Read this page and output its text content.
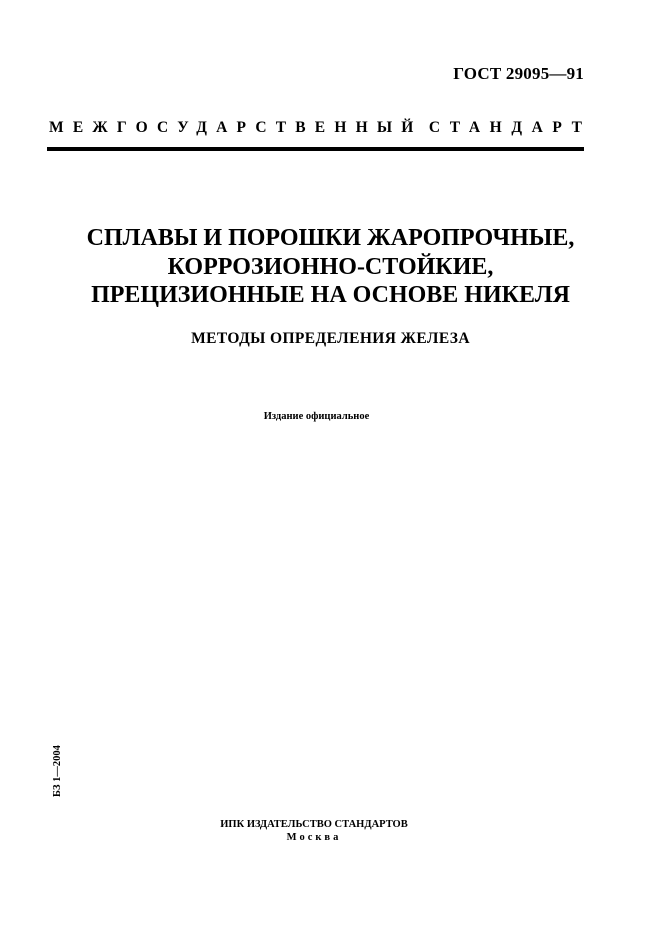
ГОСТ 29095—91
МЕЖГОСУДАРСТВЕННЫЙ СТАНДАРТ
СПЛАВЫ И ПОРОШКИ ЖАРОПРОЧНЫЕ,
КОРРОЗИОННО-СТОЙКИЕ,
ПРЕЦИЗИОННЫЕ НА ОСНОВЕ НИКЕЛЯ
МЕТОДЫ ОПРЕДЕЛЕНИЯ ЖЕЛЕЗА
Издание официальное
БЗ 1—2004
ИПК ИЗДАТЕЛЬСТВО СТАНДАРТОВ
Москва
